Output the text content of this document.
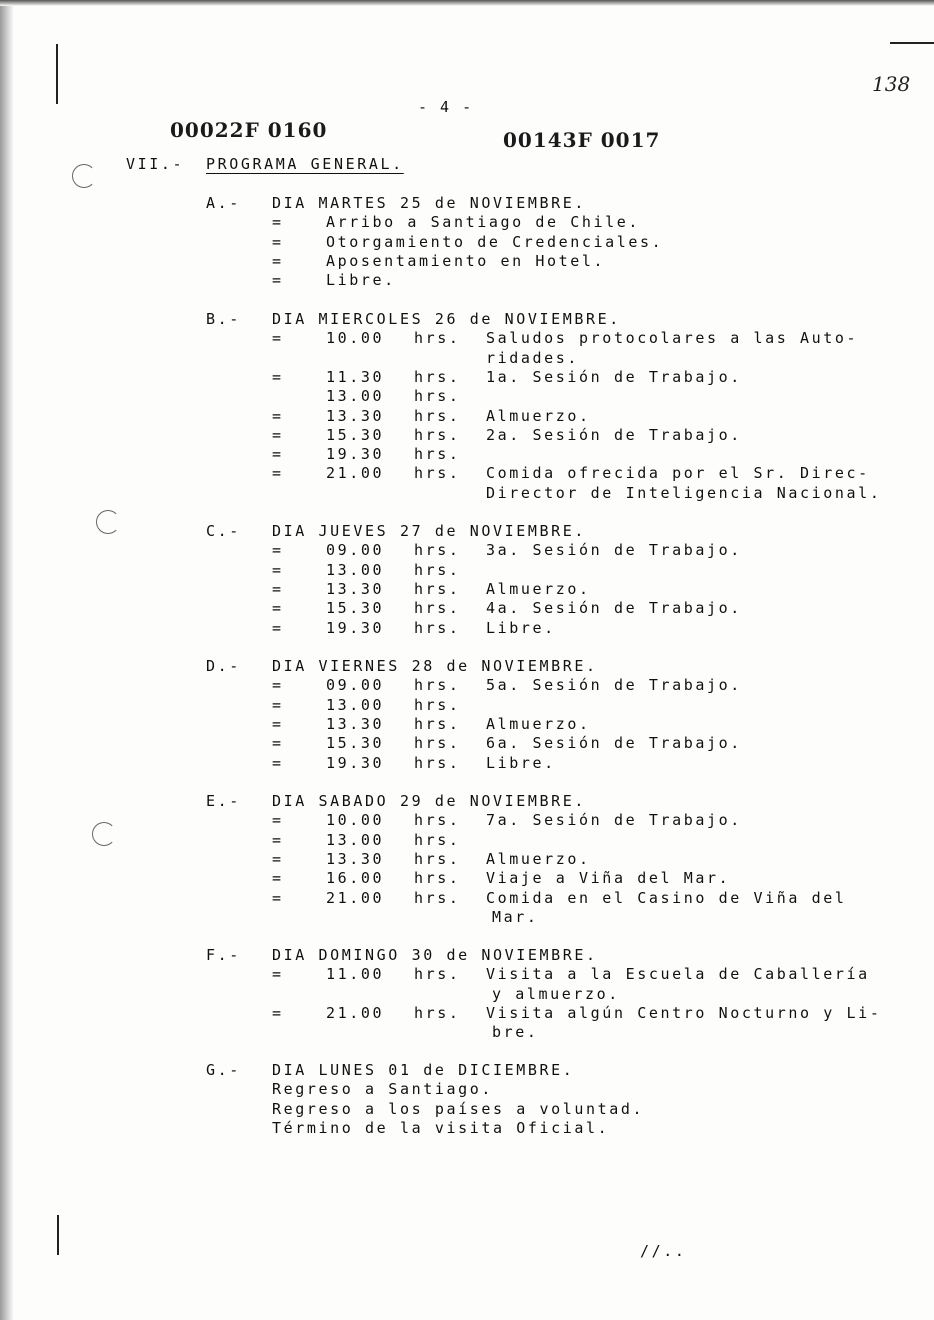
- 4 -
138
00022F 0160	00143F 0017
VII.- PROGRAMA GENERAL.
A.- DIA MARTES 25 de NOVIEMBRE.
=	Arribo a Santiago de Chile.
=	Otorgamiento de Credenciales.
=	Aposentamiento en Hotel.
=	Libre.
B.- DIA MIERCOLES 26 de NOVIEMBRE.
=	10.00 hrs. Saludos protocolares a las Auto-
ridades.
=	11.30 hrs. 1a. Sesión de Trabajo.
13.00 hrs.
=	13.30 hrs. Almuerzo.
=	15.30 hrs. 2a. Sesión de Trabajo.
=	19.30 hrs.
=	21.00 hrs. Comida ofrecida por el Sr. Direc-
Director de Inteligencia Nacional.
C.- DIA JUEVES 27 de NOVIEMBRE.
=	09.00 hrs. 3a. Sesión de Trabajo.
=	13.00 hrs.
=	13.30 hrs. Almuerzo.
=	15.30 hrs. 4a. Sesión de Trabajo.
=	19.30 hrs. Libre.
D.- DIA VIERNES 28 de NOVIEMBRE.
=	09.00 hrs. 5a. Sesión de Trabajo.
=	13.00 hrs.
=	13.30 hrs. Almuerzo.
=	15.30 hrs. 6a. Sesión de Trabajo.
=	19.30 hrs. Libre.
E.- DIA SABADO 29 de NOVIEMBRE.
=	10.00 hrs. 7a. Sesión de Trabajo.
=	13.00 hrs.
=	13.30 hrs. Almuerzo.
=	16.00 hrs. Viaje a Viña del Mar.
=	21.00 hrs. Comida en el Casino de Viña del
Mar.
F.- DIA DOMINGO 30 de NOVIEMBRE.
=	11.00 hrs. Visita a la Escuela de Caballería
y almuerzo.
=	21.00 hrs. Visita algún Centro Nocturno y Li-
bre.
G.- DIA LUNES 01 de DICIEMBRE.
Regreso a Santiago.
Regreso a los países a voluntad.
Término de la visita Oficial.
//..
